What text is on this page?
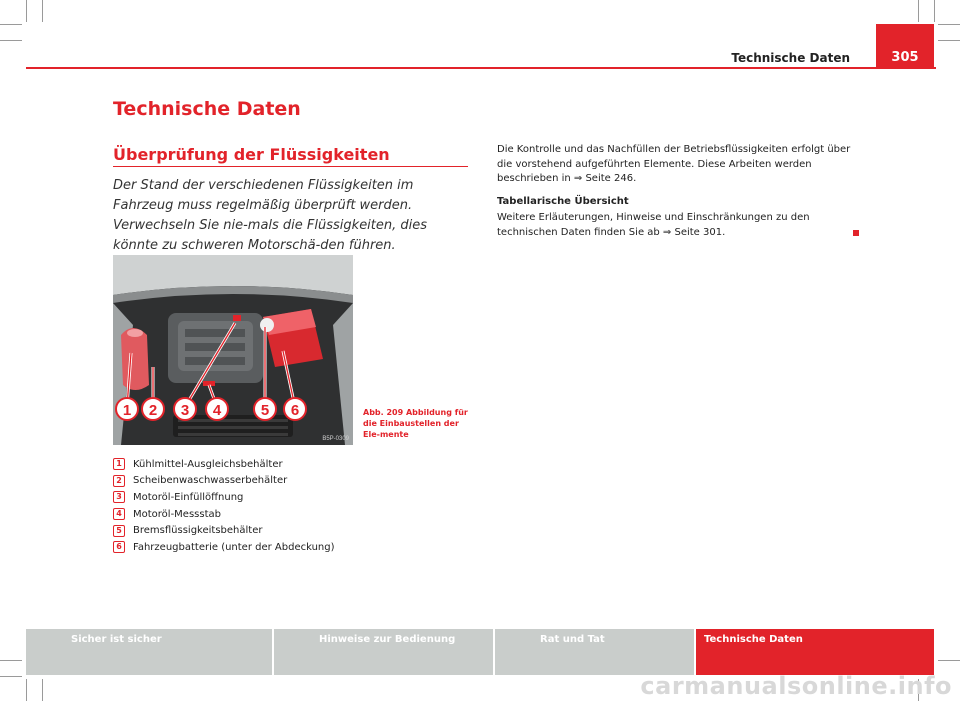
Technische Daten	305
Technische Daten
Überprüfung der Flüssigkeiten
Der Stand der verschiedenen Flüssigkeiten im Fahrzeug muss regelmäßig überprüft werden. Verwechseln Sie nie-mals die Flüssigkeiten, dies könnte zu schweren Motorschä-den führen.
1 2 3 4	5 6
B5P-0309
Abb. 209 Abbildung für die Einbaustellen der Ele-mente
1	Kühlmittel-Ausgleichsbehälter
2	Scheibenwaschwasserbehälter
3	Motoröl-Einfüllöffnung
4	Motoröl-Messstab
5	Bremsflüssigkeitsbehälter
6	Fahrzeugbatterie (unter der Abdeckung)

Die Kontrolle und das Nachfüllen der Betriebsflüssigkeiten erfolgt über die vorstehend aufgeführten Elemente. Diese Arbeiten werden beschrieben in ⇒ Seite 246.

Tabellarische Übersicht

Weitere Erläuterungen, Hinweise und Einschränkungen zu den technischen Daten finden Sie ab ⇒ Seite 301.

Sicher ist sicher	Hinweise zur Bedienung	Rat und Tat	Technische Daten
carmanualsonline.info
